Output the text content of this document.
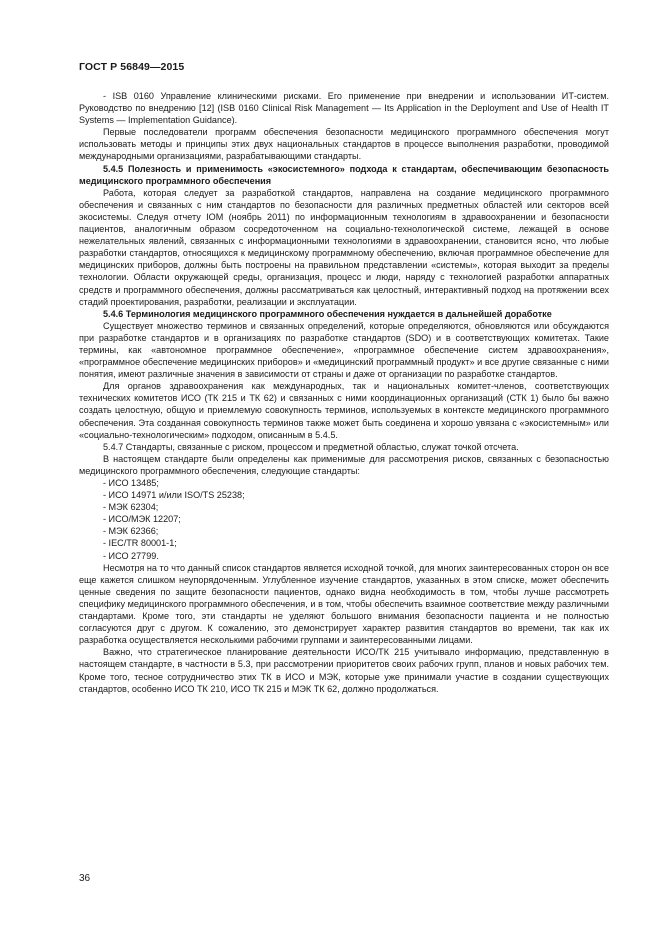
ГОСТ Р 56849—2015

- ISB 0160 Управление клиническими рисками. Его применение при внедрении и использовании ИТ-систем. Руководство по внедрению [12] (ISB 0160 Clinical Risk Management — Its Application in the Deployment and Use of Health IT Systems — Implementation Guidance).

Первые последователи программ обеспечения безопасности медицинского программного обеспечения могут использовать методы и принципы этих двух национальных стандартов в процессе выполнения разработки, проводимой международными организациями, разрабатывающими стандарты.

5.4.5 Полезность и применимость «экосистемного» подхода к стандартам, обеспечивающим безопасность медицинского программного обеспечения

Работа, которая следует за разработкой стандартов, направлена на создание медицинского программного обеспечения и связанных с ним стандартов по безопасности для различных предметных областей или секторов всей экосистемы. Следуя отчету IOM (ноябрь 2011) по информационным технологиям в здравоохранении и безопасности пациентов, аналогичным образом сосредоточенном на социально-технологической системе, лежащей в основе нежелательных явлений, связанных с информационными технологиями в здравоохранении, становится ясно, что любые разработки стандартов, относящихся к медицинскому программному обеспечению, включая программное обеспечение для медицинских приборов, должны быть построены на правильном представлении «системы», которая выходит за пределы технологии. Области окружающей среды, организация, процесс и люди, наряду с технологией разработки аппаратных средств и программного обеспечения, должны рассматриваться как целостный, интерактивный подход на протяжении всех стадий проектирования, разработки, реализации и эксплуатации.

5.4.6 Терминология медицинского программного обеспечения нуждается в дальнейшей доработке

Существует множество терминов и связанных определений, которые определяются, обновляются или обсуждаются при разработке стандартов и в организациях по разработке стандартов (SDO) и в соответствующих комитетах. Такие термины, как «автономное программное обеспечение», «программное обеспечение систем здравоохранения», «программное обеспечение медицинских приборов» и «медицинский программный продукт» и все другие связанные с ними понятия, имеют различные значения в зависимости от страны и даже от организации по разработке стандартов.

Для органов здравоохранения как международных, так и национальных комитет-членов, соответствующих технических комитетов ИСО (ТК 215 и ТК 62) и связанных с ними координационных организаций (СТК 1) было бы важно создать целостную, общую и приемлемую совокупность терминов, используемых в контексте медицинского программного обеспечения. Эта созданная совокупность терминов также может быть соединена и хорошо увязана с «экосистемным» или «социально-технологическим» подходом, описанным в 5.4.5.

5.4.7 Стандарты, связанные с риском, процессом и предметной областью, служат точкой отсчета.

В настоящем стандарте были определены как применимые для рассмотрения рисков, связанных с безопасностью медицинского программного обеспечения, следующие стандарты:

- ИСО 13485;
- ИСО 14971 и/или ISO/TS 25238;
- МЭК 62304;
- ИСО/МЭК 12207;
- МЭК 62366;
- IEC/TR 80001-1;
- ИСО 27799.

Несмотря на то что данный список стандартов является исходной точкой, для многих заинтересованных сторон он все еще кажется слишком неупорядоченным. Углубленное изучение стандартов, указанных в этом списке, может обеспечить ценные сведения по защите безопасности пациентов, однако видна необходимость в том, чтобы лучше рассмотреть специфику медицинского программного обеспечения, и в том, чтобы обеспечить взаимное соответствие между различными стандартами. Кроме того, эти стандарты не уделяют большого внимания безопасности пациента и не полностью согласуются друг с другом. К сожалению, это демонстрирует характер развития стандартов во времени, так как их разработка осуществляется несколькими рабочими группами и заинтересованными лицами.

Важно, что стратегическое планирование деятельности ИСО/ТК 215 учитывало информацию, представленную в настоящем стандарте, в частности в 5.3, при рассмотрении приоритетов своих рабочих групп, планов и новых рабочих тем. Кроме того, тесное сотрудничество этих ТК в ИСО и МЭК, которые уже принимали участие в создании существующих стандартов, особенно ИСО ТК 210, ИСО ТК 215 и МЭК ТК 62, должно продолжаться.

36
